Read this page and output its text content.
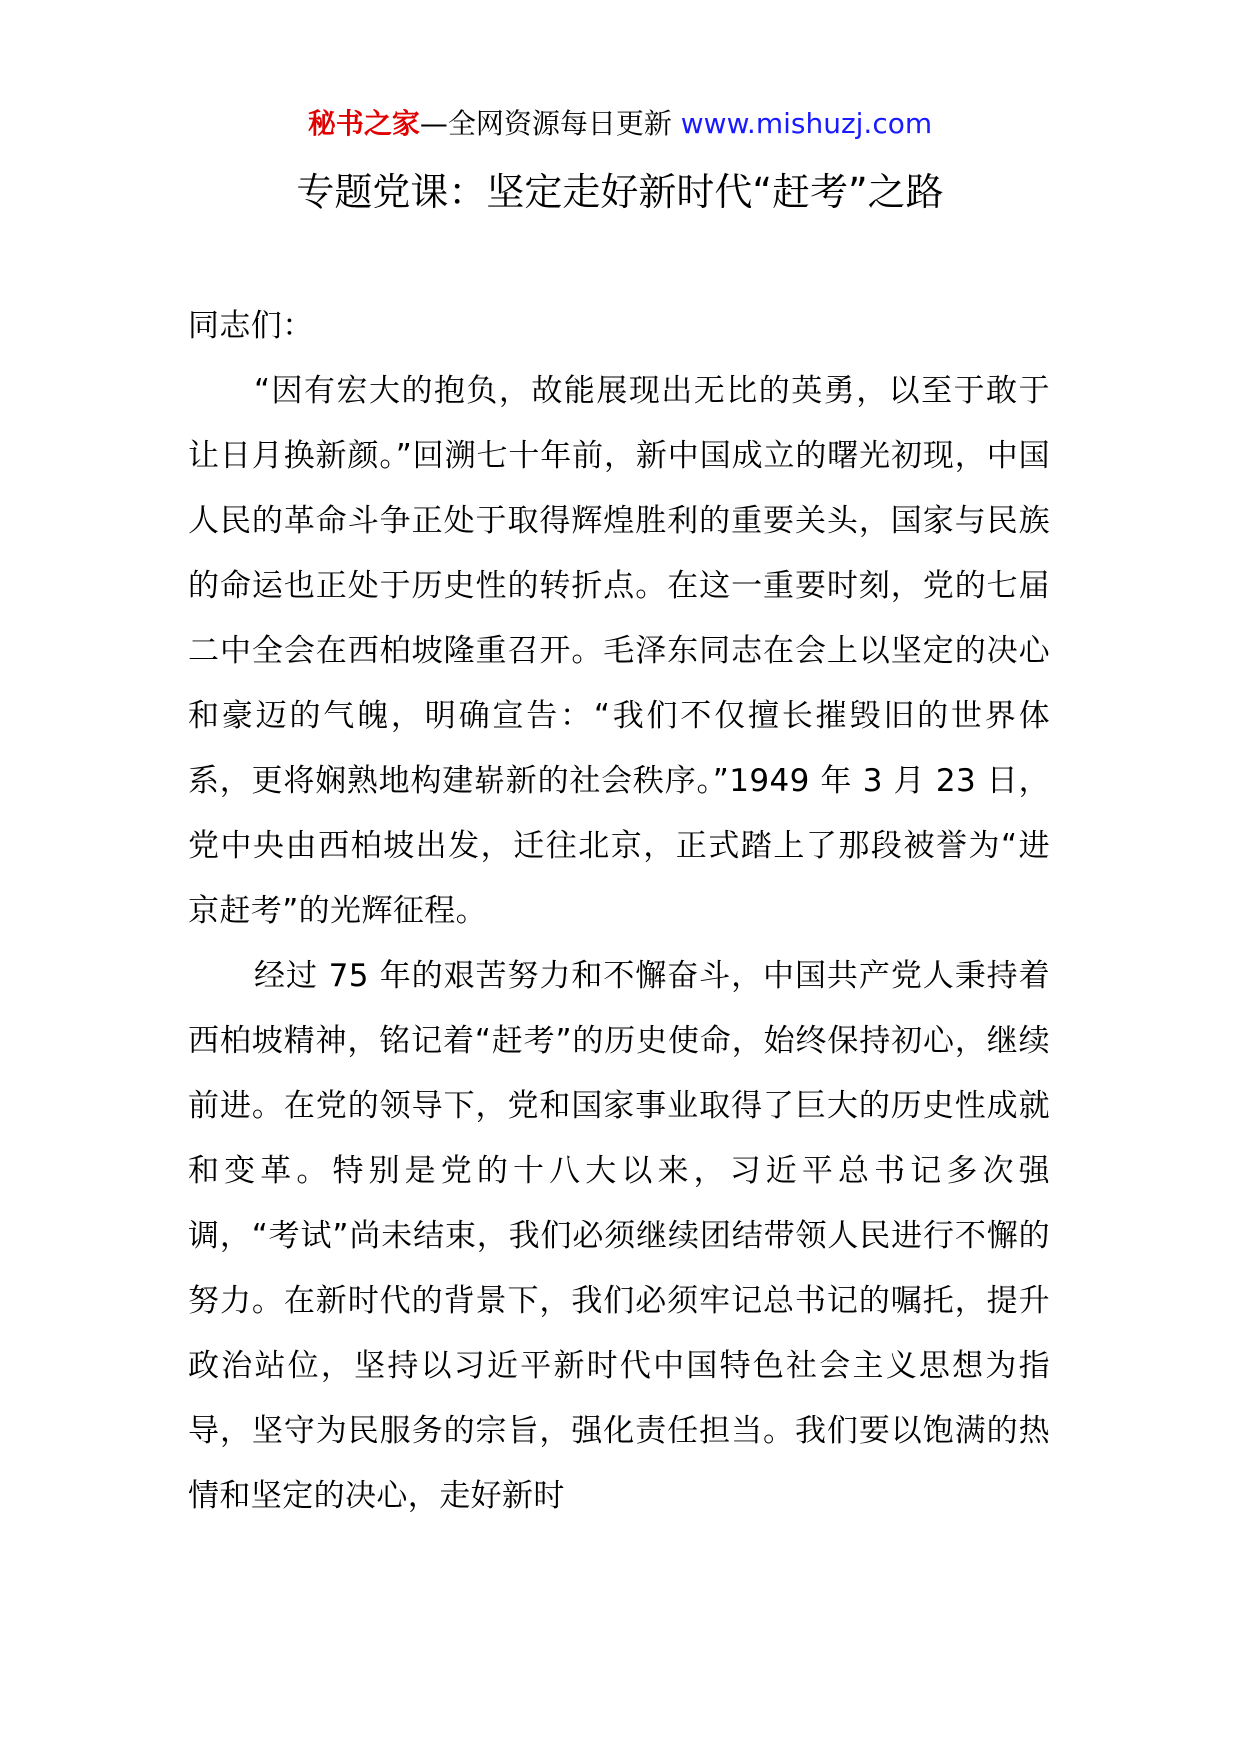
秘书之家—全网资源每日更新 www.mishuzj.com
专题党课：坚定走好新时代“赶考”之路

同志们：

“因有宏大的抱负，故能展现出无比的英勇，以至于敢于让日月换新颜。”回溯七十年前，新中国成立的曙光初现，中国人民的革命斗争正处于取得辉煌胜利的重要关头，国家与民族的命运也正处于历史性的转折点。在这一重要时刻，党的七届二中全会在西柏坡隆重召开。毛泽东同志在会上以坚定的决心和豪迈的气魄，明确宣告：“我们不仅擅长摧毁旧的世界体系，更将娴熟地构建崭新的社会秩序。”1949 年 3 月 23 日，党中央由西柏坡出发，迁往北京，正式踏上了那段被誉为“进京赶考”的光辉征程。

经过 75 年的艰苦努力和不懈奋斗，中国共产党人秉持着西柏坡精神，铭记着“赶考”的历史使命，始终保持初心，继续前进。在党的领导下，党和国家事业取得了巨大的历史性成就和变革。特别是党的十八大以来，习近平总书记多次强调，“考试”尚未结束，我们必须继续团结带领人民进行不懈的努力。在新时代的背景下，我们必须牢记总书记的嘱托，提升政治站位，坚持以习近平新时代中国特色社会主义思想为指导，坚守为民服务的宗旨，强化责任担当。我们要以饱满的热情和坚定的决心，走好新时
